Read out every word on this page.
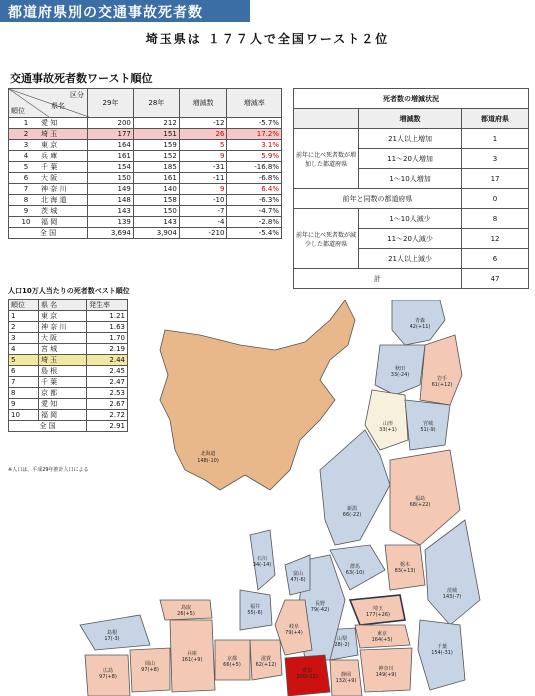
都道府県別の交通事故死者数
埼玉県は １７７人で全国ワースト２位
交通事故死者数ワースト順位
区分
県名
順位	29年	28年	増減数	増減率
1 愛 知	200	212	-12	-5.7%
2 埼 玉	177	151	26	17.2%
3 東 京	164	159	5	3.1%
4 兵 庫	161	152	9	5.9%
5 千 葉	154	185	-31	-16.8%
6 大 阪	150	161	-11	-6.8%
7 神 奈 川	149	140	9	6.4%
8 北 海 道	148	158	-10	-6.3%
9 茨 城	143	150	-7	-4.7%
10 福 岡	139	143	-4	-2.8%
全 国	3,694	3,904	-210	-5.4%
死者数の増減状況		
	増減数	都道府県
前年に比べ死者数が増加した都道府県	21人以上増加	1
	11〜20人増加	3
	1〜10人増加	17
前年と同数の都道府県		0
前年に比べ死者数が減少した都道府県	1〜10人減少	8
	11〜20人減少	12
	21人以上減少	6
計		47
北海道 148(-10)
青森 42(+11)
秋田 33(-24)
岩手 61(+12)
山形 33(+1)
宮城 51(-9)
新潟 66(-22)
福島 68(+22)
石川 34(-14)
富山 47(-6)
群馬 63(-10)
栃木 83(+13)
茨城 143(-7)
福井 55(-6)
長野 79(-42)	埼玉 177(+26)
岐阜 79(+4)
山梨 28(-2)
東京 164(+5)
千葉 154(-31)
愛知 200(-12)	静岡 132(+9)
神奈川 149(+9)
鳥取 26(+5)
島根 17(-3)
岡山 97(+8)
兵庫 161(+9)
広島 97(+8)
京都 66(+5)
滋賀 62(+12)
人口10万人当たりの死者数ベスト順位
順位	県 名	発生率
1	東 京	1.21
2	神 奈 川	1.63
3	大 阪	1.70
4	宮 城	2.19
5	埼 玉	2.44
6	島 根	2.45
7	千 葉	2.47
8	京 都	2.53
9	愛 知	2.67
10	福 岡	2.72
全 国		2.91
※人口は、平成29年推計人口による
